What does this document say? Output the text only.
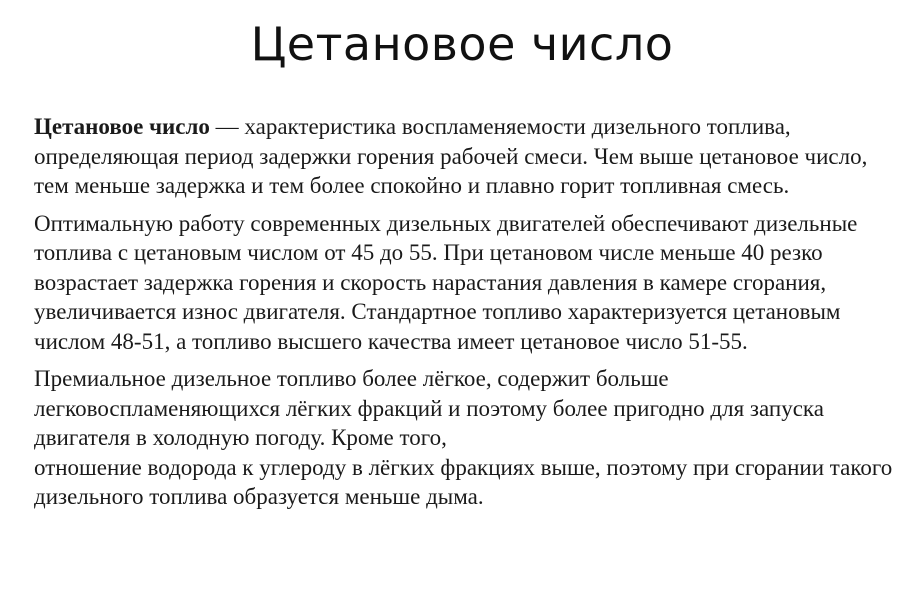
Цетановое число

Цетановое число — характеристика воспламеняемости дизельного топлива, определяющая период задержки горения рабочей смеси. Чем выше цетановое число, тем меньше задержка и тем более спокойно и плавно горит топливная смесь.

Оптимальную работу современных дизельных двигателей обеспечивают дизельные топлива с цетановым числом от 45 до 55. При цетановом числе меньше 40 резко возрастает задержка горения и скорость нарастания давления в камере сгорания, увеличивается износ двигателя. Стандартное топливо характеризуется цетановым числом 48-51, а топливо высшего качества имеет цетановое число 51-55.

Премиальное дизельное топливо более лёгкое, содержит больше легковоспламеняющихся лёгких фракций и поэтому более пригодно для запуска двигателя в холодную погоду. Кроме того,
отношение водорода к углероду в лёгких фракциях выше, поэтому при сгорании такого дизельного топлива образуется меньше дыма.
